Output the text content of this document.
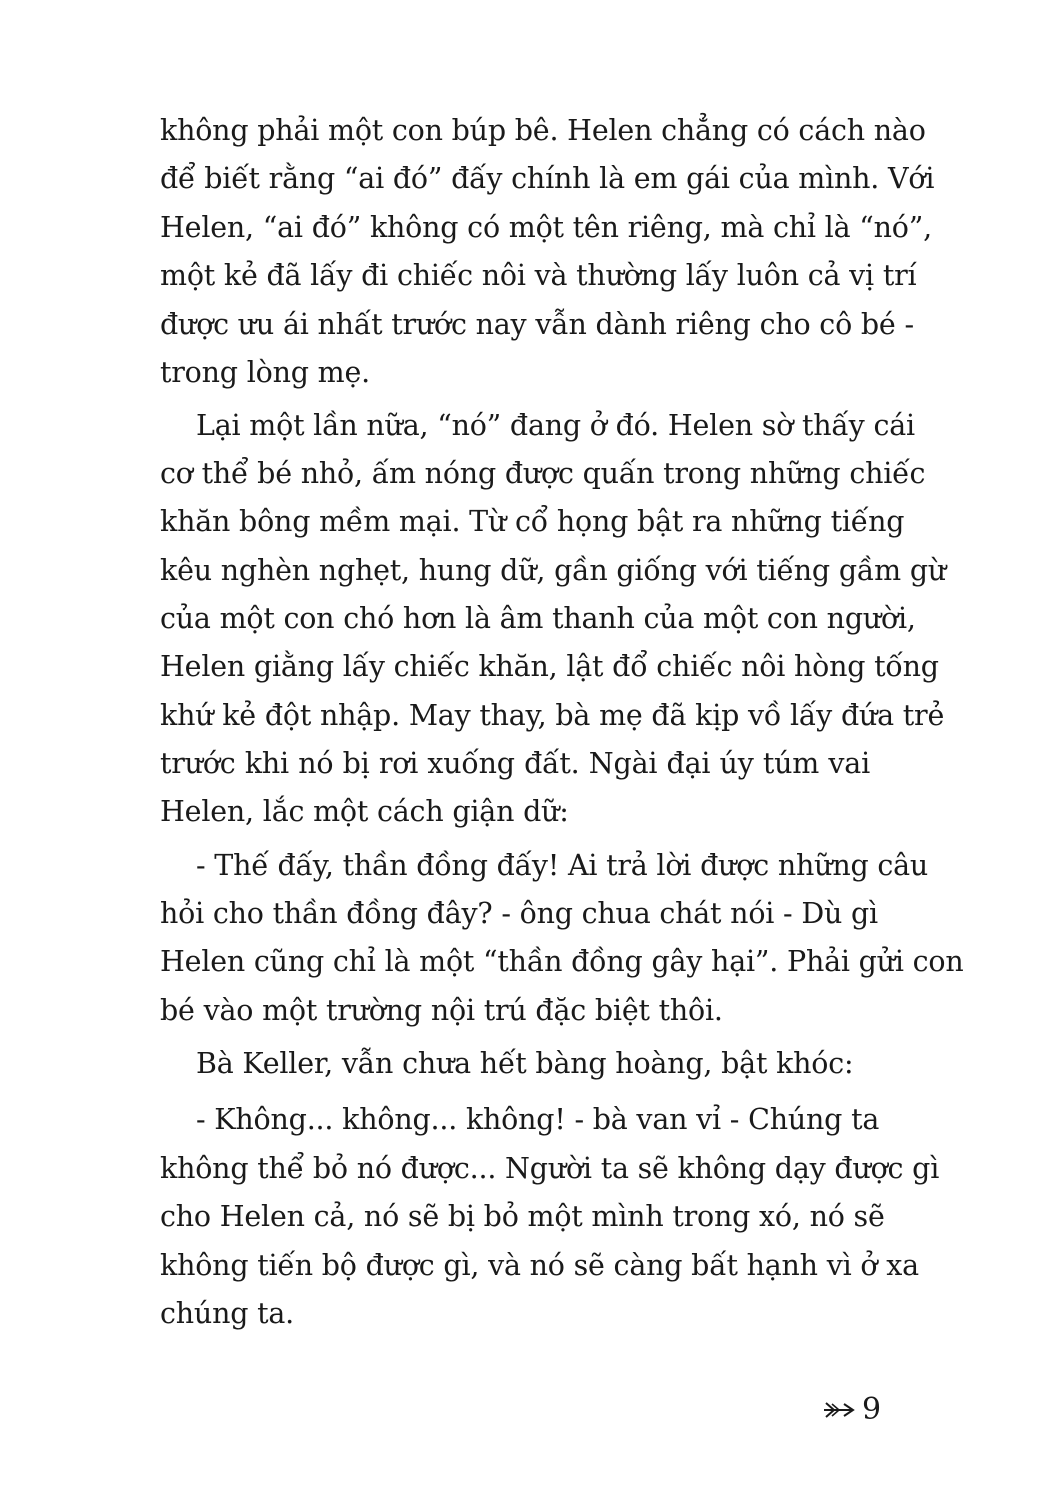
không phải một con búp bê. Helen chẳng có cách nào
để biết rằng “ai đó” đấy chính là em gái của mình. Với
Helen, “ai đó” không có một tên riêng, mà chỉ là “nó”,
một kẻ đã lấy đi chiếc nôi và thường lấy luôn cả vị trí
được ưu ái nhất trước nay vẫn dành riêng cho cô bé -
trong lòng mẹ.
Lại một lần nữa, “nó” đang ở đó. Helen sờ thấy cái
cơ thể bé nhỏ, ấm nóng được quấn trong những chiếc
khăn bông mềm mại. Từ cổ họng bật ra những tiếng
kêu nghèn nghẹt, hung dữ, gần giống với tiếng gầm gừ
của một con chó hơn là âm thanh của một con người,
Helen giằng lấy chiếc khăn, lật đổ chiếc nôi hòng tống
khứ kẻ đột nhập. May thay, bà mẹ đã kịp vồ lấy đứa trẻ
trước khi nó bị rơi xuống đất. Ngài đại úy túm vai
Helen, lắc một cách giận dữ:
- Thế đấy, thần đồng đấy! Ai trả lời được những câu
hỏi cho thần đồng đây? - ông chua chát nói - Dù gì
Helen cũng chỉ là một “thần đồng gây hại”. Phải gửi con
bé vào một trường nội trú đặc biệt thôi.
Bà Keller, vẫn chưa hết bàng hoàng, bật khóc:
- Không... không... không! - bà van vỉ - Chúng ta
không thể bỏ nó được... Người ta sẽ không dạy được gì
cho Helen cả, nó sẽ bị bỏ một mình trong xó, nó sẽ
không tiến bộ được gì, và nó sẽ càng bất hạnh vì ở xa
chúng ta.
9
